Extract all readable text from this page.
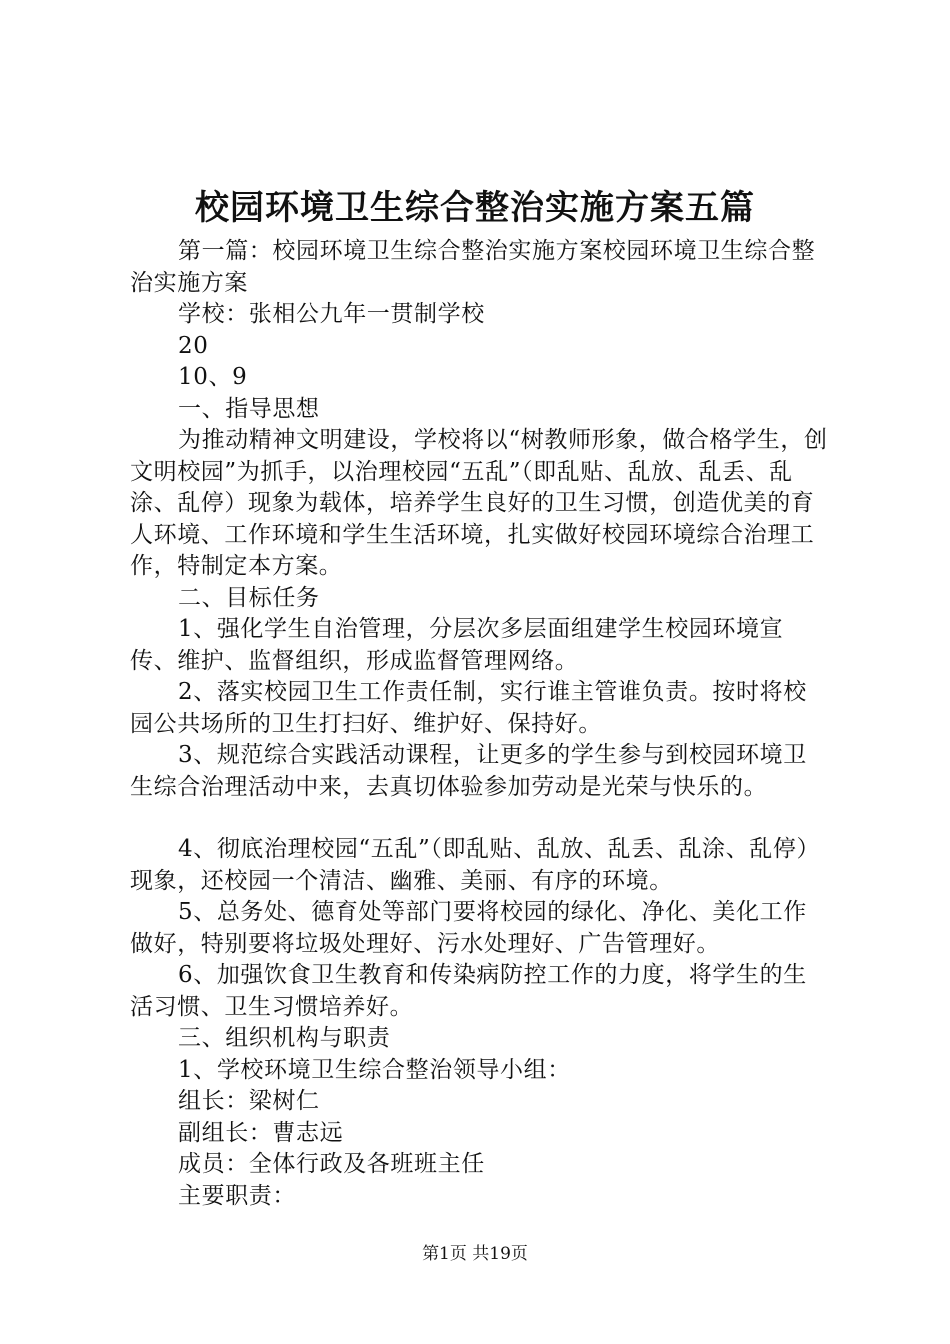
校园环境卫生综合整治实施方案五篇

第一篇：校园环境卫生综合整治实施方案校园环境卫生综合整治实施方案

学校：张相公九年一贯制学校

20

10、9

一、指导思想

为推动精神文明建设，学校将以“树教师形象，做合格学生，创文明校园”为抓手，以治理校园“五乱”（即乱贴、乱放、乱丢、乱涂、乱停）现象为载体，培养学生良好的卫生习惯，创造优美的育人环境、工作环境和学生生活环境，扎实做好校园环境综合治理工作，特制定本方案。

二、目标任务

1、强化学生自治管理，分层次多层面组建学生校园环境宣传、维护、监督组织，形成监督管理网络。

2、落实校园卫生工作责任制，实行谁主管谁负责。按时将校园公共场所的卫生打扫好、维护好、保持好。

3、规范综合实践活动课程，让更多的学生参与到校园环境卫生综合治理活动中来，去真切体验参加劳动是光荣与快乐的。

4、彻底治理校园“五乱”（即乱贴、乱放、乱丢、乱涂、乱停）现象，还校园一个清洁、幽雅、美丽、有序的环境。

5、总务处、德育处等部门要将校园的绿化、净化、美化工作做好，特别要将垃圾处理好、污水处理好、广告管理好。

6、加强饮食卫生教育和传染病防控工作的力度，将学生的生活习惯、卫生习惯培养好。

三、组织机构与职责

1、学校环境卫生综合整治领导小组：

组长：梁树仁

副组长：曹志远

成员：全体行政及各班班主任

主要职责：

第1页 共19页
